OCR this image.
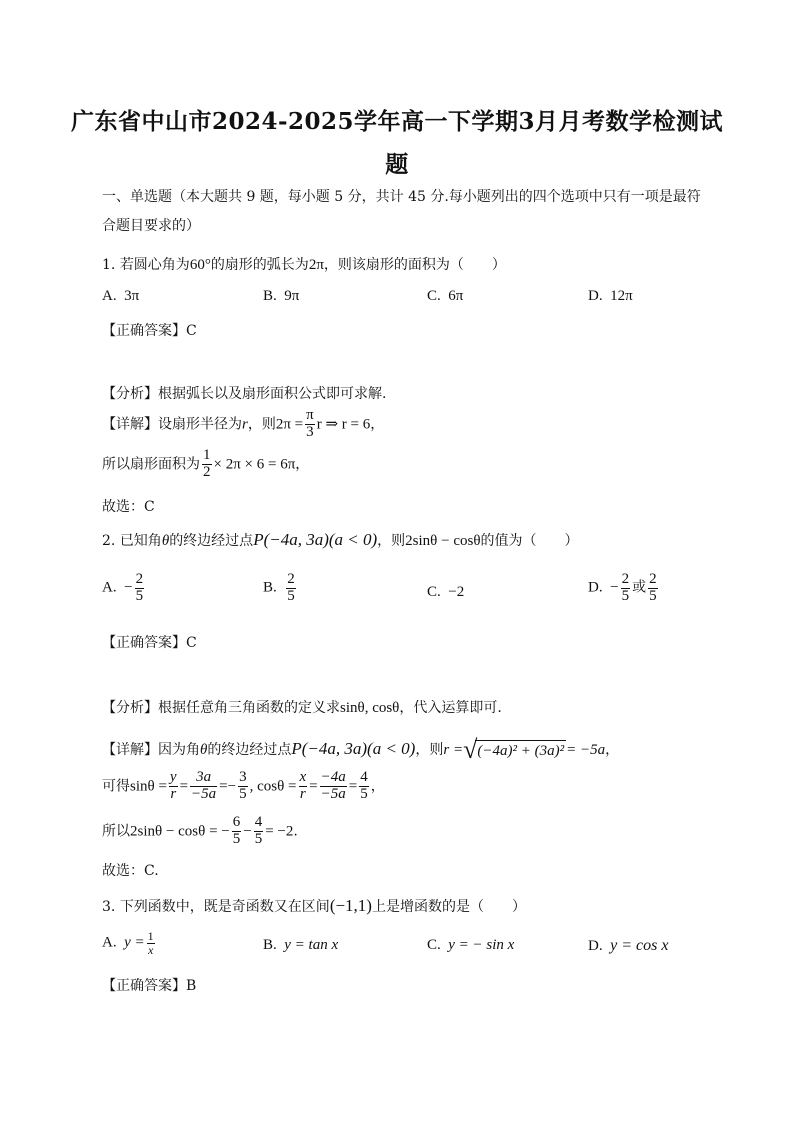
广东省中山市2024-2025学年高一下学期3月月考数学检测试
题
一、单选题（本大题共 9 题，每小题 5 分，共计 45 分.每小题列出的四个选项中只有一项是最符
合题目要求的）
1. 若圆心角为60°的扇形的弧长为2π，则该扇形的面积为（　　）
A. 3π	B. 9π	C. 6π	D. 12π
【正确答案】C
【分析】根据弧长以及扇形面积公式即可求解.
【详解】设扇形半径为r，则$2\pi = \frac{\pi}{3}$ r ⇒ r = 6，
所以扇形面积为 $\frac{1}{2} \times 2\pi \times 6 = 6\pi$，
故选：C
2. 已知角θ的终边经过点P(−4a, 3a)(a < 0)，则2sinθ − cosθ的值为（　　）
A. − $\frac{2}{5}$	B. $\frac{2}{5}$	C. −2	D. − $\frac{2}{5}$ 或 $\frac{2}{5}$
【正确答案】C
【分析】根据任意角三角函数的定义求sinθ, cosθ，代入运算即可.
【详解】因为角θ的终边经过点P(−4a, 3a)(a < 0)，则r =√(−4a)² + (3a)² = −5a，
可得$\sin\theta = \frac{y}{r} = \frac{3a}{-5a} =- \frac{3}{5}$ , $\cos\theta = \frac{x}{r} = \frac{-4a}{-5a} = \frac{4}{5}$ ，
所以2sinθ − cosθ = − $\frac{6}{5} - \frac{4}{5} = -2$.
故选：C.
3. 下列函数中，既是奇函数又在区间(−1,1)上是增函数的是（　　）
A. $y = \frac{1}{x}$	B. y = tan x	C. y = − sin x	D. y = cos x
【正确答案】B
